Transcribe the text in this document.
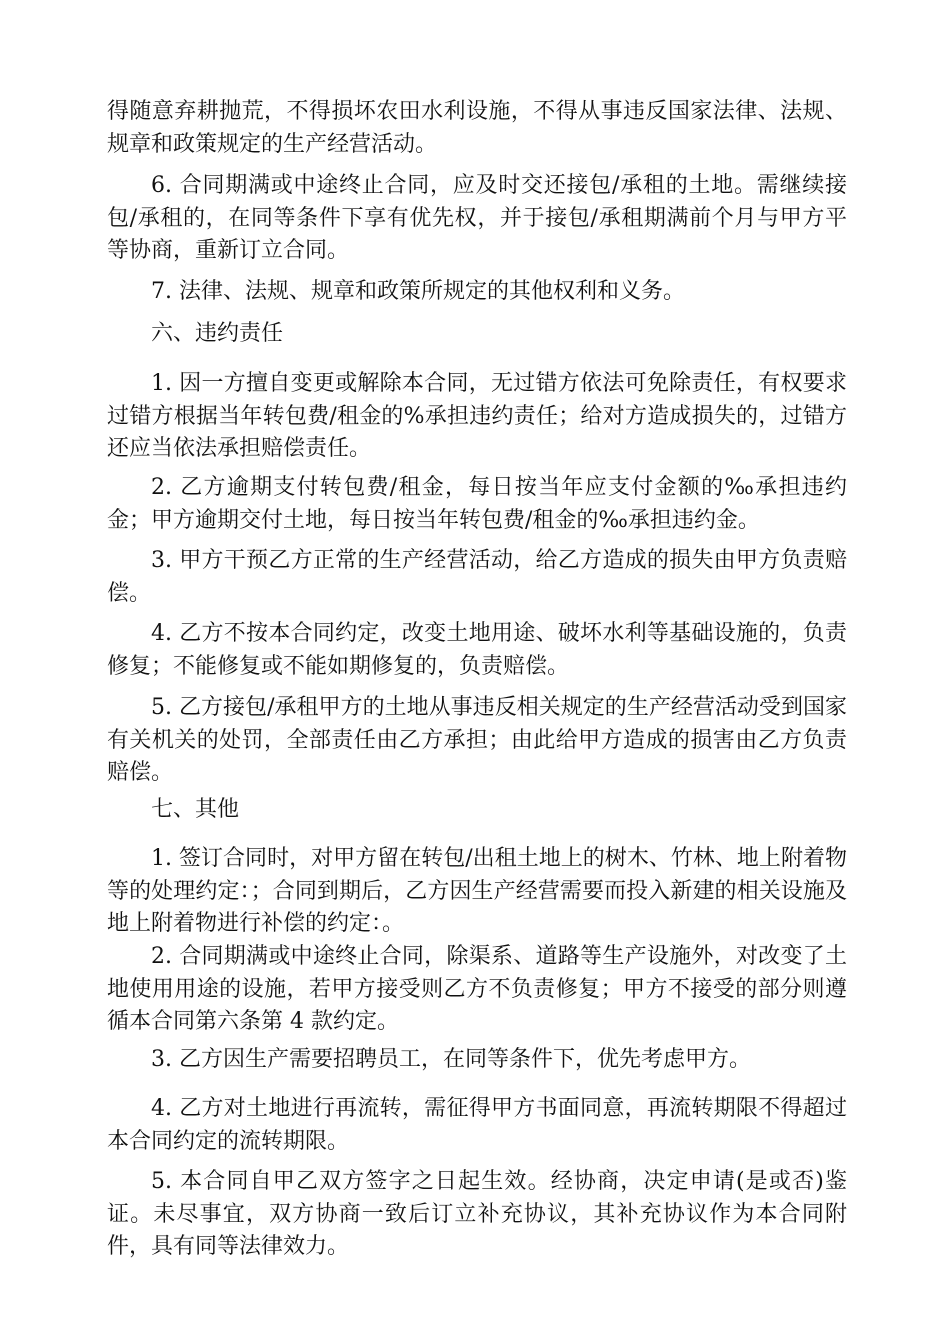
得随意弃耕抛荒，不得损坏农田水利设施，不得从事违反国家法律、法规、规章和政策规定的生产经营活动。

6. 合同期满或中途终止合同，应及时交还接包/承租的土地。需继续接包/承租的，在同等条件下享有优先权，并于接包/承租期满前个月与甲方平等协商，重新订立合同。

7. 法律、法规、规章和政策所规定的其他权利和义务。

六、违约责任

1. 因一方擅自变更或解除本合同，无过错方依法可免除责任，有权要求过错方根据当年转包费/租金的%承担违约责任；给对方造成损失的，过错方还应当依法承担赔偿责任。

2. 乙方逾期支付转包费/租金，每日按当年应支付金额的‰承担违约金；甲方逾期交付土地，每日按当年转包费/租金的‰承担违约金。

3. 甲方干预乙方正常的生产经营活动，给乙方造成的损失由甲方负责赔偿。

4. 乙方不按本合同约定，改变土地用途、破坏水利等基础设施的，负责修复；不能修复或不能如期修复的，负责赔偿。

5. 乙方接包/承租甲方的土地从事违反相关规定的生产经营活动受到国家有关机关的处罚，全部责任由乙方承担；由此给甲方造成的损害由乙方负责赔偿。

七、其他

1. 签订合同时，对甲方留在转包/出租土地上的树木、竹林、地上附着物等的处理约定：；合同到期后，乙方因生产经营需要而投入新建的相关设施及地上附着物进行补偿的约定：。

2. 合同期满或中途终止合同，除渠系、道路等生产设施外，对改变了土地使用用途的设施，若甲方接受则乙方不负责修复；甲方不接受的部分则遵循本合同第六条第 4 款约定。

3. 乙方因生产需要招聘员工，在同等条件下，优先考虑甲方。

4. 乙方对土地进行再流转，需征得甲方书面同意，再流转期限不得超过本合同约定的流转期限。

5. 本合同自甲乙双方签字之日起生效。经协商，决定申请(是或否)鉴证。未尽事宜，双方协商一致后订立补充协议，其补充协议作为本合同附件，具有同等法律效力。
